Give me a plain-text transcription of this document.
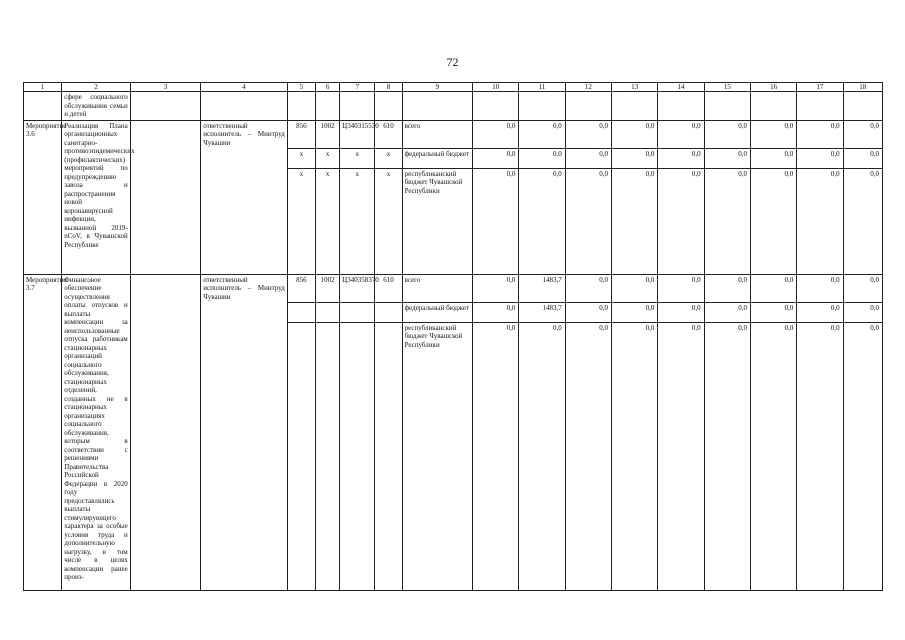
72
1	2	3	4	5	6	7	8	9	10	11	12	13	14	15	16	17	18
	сфере социального обслуживания семьи и детей																
Мероприятие 3.6	Реализация Плана организационных санитарно-противоэпидемических (профилактических) мероприятий по предупреждению завоза и распространения новой коронавирусной инфекции, вызванной 2019-nCoV, в Чувашской Республике		ответственный исполнитель – Минтруд Чувашии	856	1002	Ц340315530	610	всего	0,0	0,0	0,0	0,0	0,0	0,0	0,0	0,0	0,0
				х	х	х	х	федеральный бюджет	0,0	0,0	0,0	0,0	0,0	0,0	0,0	0,0	0,0
				х	х	х	х	республиканский бюджет Чувашской Республики	0,0	0,0	0,0	0,0	0,0	0,0	0,0	0,0	0,0
Мероприятие 3.7	Финансовое обеспечение осуществления оплаты отпусков и выплаты компенсации за неиспользованные отпуска работникам стационарных организаций социального обслуживания, стационарных отделений, созданных не в стационарных организациях социального обслуживания, которым в соответствии с решениями Правительства Российской Федерации в 2020 году предоставлялись выплаты стимулирующего характера за особые условия труда и дополнительную нагрузку, в том числе в целях компенсации ранее произ-		ответственный исполнитель – Минтруд Чувашии	856	1002	Ц340358370	610	всего	0,0	1483,7	0,0	0,0	0,0	0,0	0,0	0,0	0,0
								федеральный бюджет	0,0	1483,7	0,0	0,0	0,0	0,0	0,0	0,0	0,0
								республиканский бюджет Чувашской Республики	0,0	0,0	0,0	0,0	0,0	0,0	0,0	0,0	0,0
